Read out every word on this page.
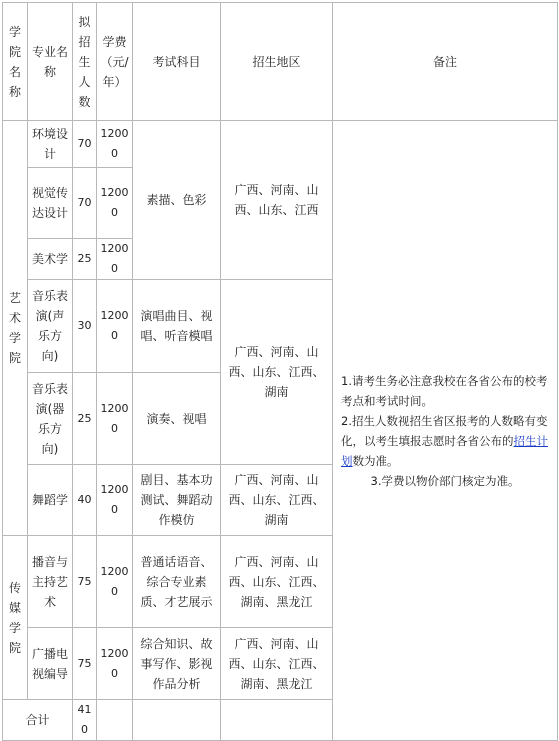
学院名称	专业名称	拟招生人数	学费（元/年）	考试科目	招生地区	备注
艺术学院	环境设计	70	12000	素描、色彩	广西、河南、山西、山东、江西	1.请考生务必注意我校在各省公布的校考考点和考试时间。

2.招生人数视招生省区报考的人数略有变化，以考生填报志愿时各省公布的招生计划数为准。

3.学费以物价部门核定为准。

	视觉传达设计	70	12000			
	美术学	25	12000			
	音乐表演(声乐方向)	30	12000	演唱曲目、视唱、听音模唱	广西、河南、山西、山东、江西、湖南	
	音乐表演(器乐方向)	25	12000	演奏、视唱		
	舞蹈学	40	12000	剧目、基本功测试、舞蹈动作模仿	广西、河南、山西、山东、江西、湖南	
传媒学院	播音与主持艺术	75	12000	普通话语音、综合专业素质、才艺展示	广西、河南、山西、山东、江西、湖南、黑龙江	
	广播电视编导	75	12000	综合知识、故事写作、影视作品分析	广西、河南、山西、山东、江西、湖南、黑龙江	
合计		410				
